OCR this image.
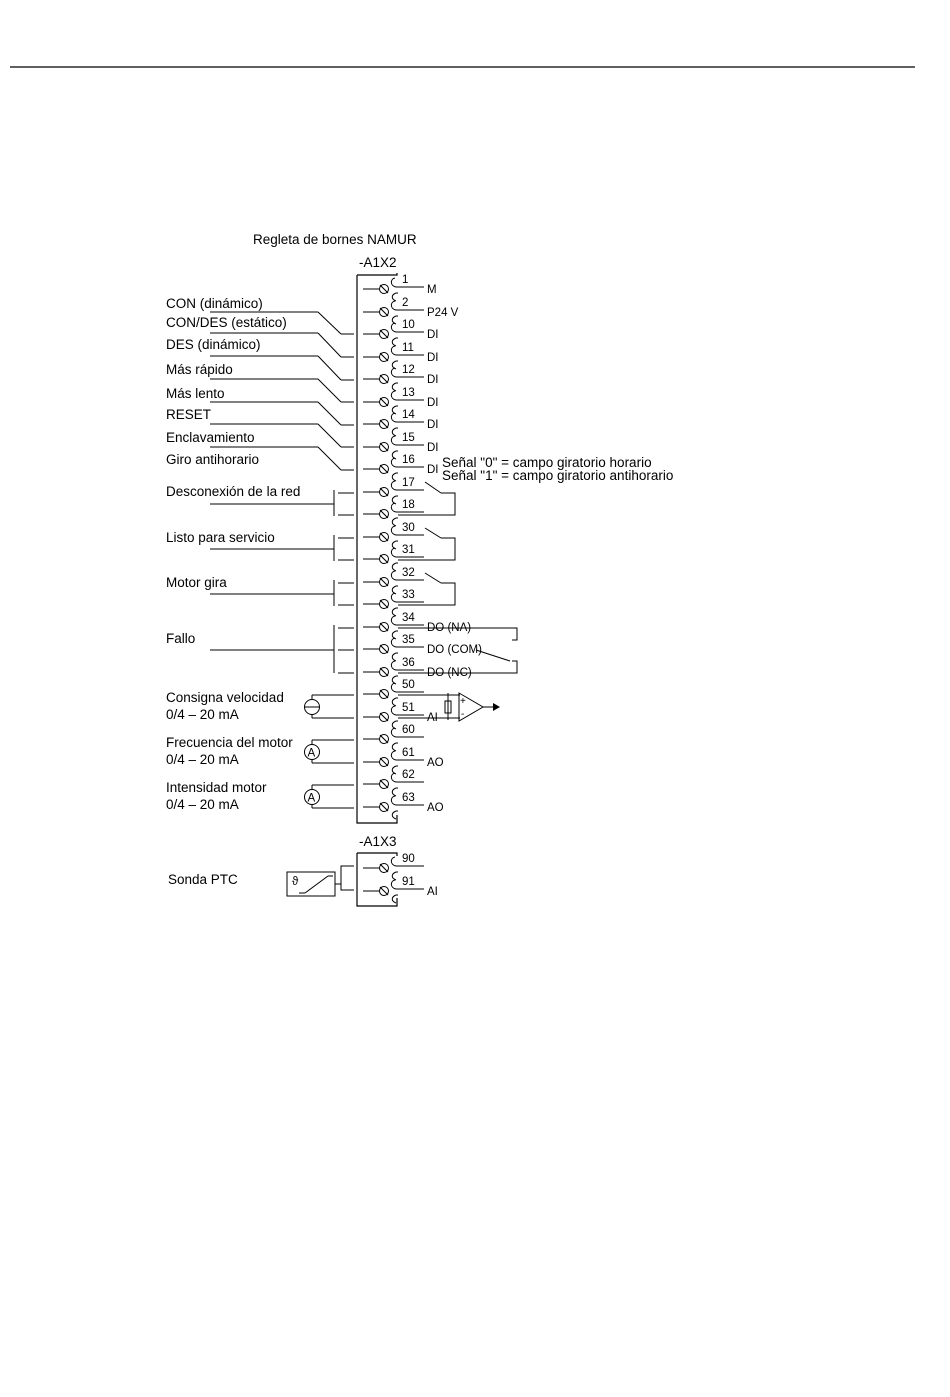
Regleta de bornes NAMUR
-A1X2
-A1X3
1
M
2
P24 V
10
DI
11
DI
12
DI
13
DI
14
DI
15
DI
16
DI
17
18
30
31
32
33
34
DO (NA)
35
DO (COM)
36
DO (NC)
50
51
AI
60
61
AO
62
63
AO
90
91
AI
CON (dinámico)
CON/DES (estático)
DES (dinámico)
Más rápido
Más lento
RESET
Enclavamiento
Giro antihorario
Desconexión de la red
Listo para servicio
Motor gira
Fallo
Consigna velocidad
0/4 – 20 mA
Frecuencia del motor
0/4 – 20 mA
Intensidad motor
0/4 – 20 mA
Sonda PTC
Señal "0" = campo giratorio horario
Señal "1" = campo giratorio antihorario
+
-
A
A
ϑ
